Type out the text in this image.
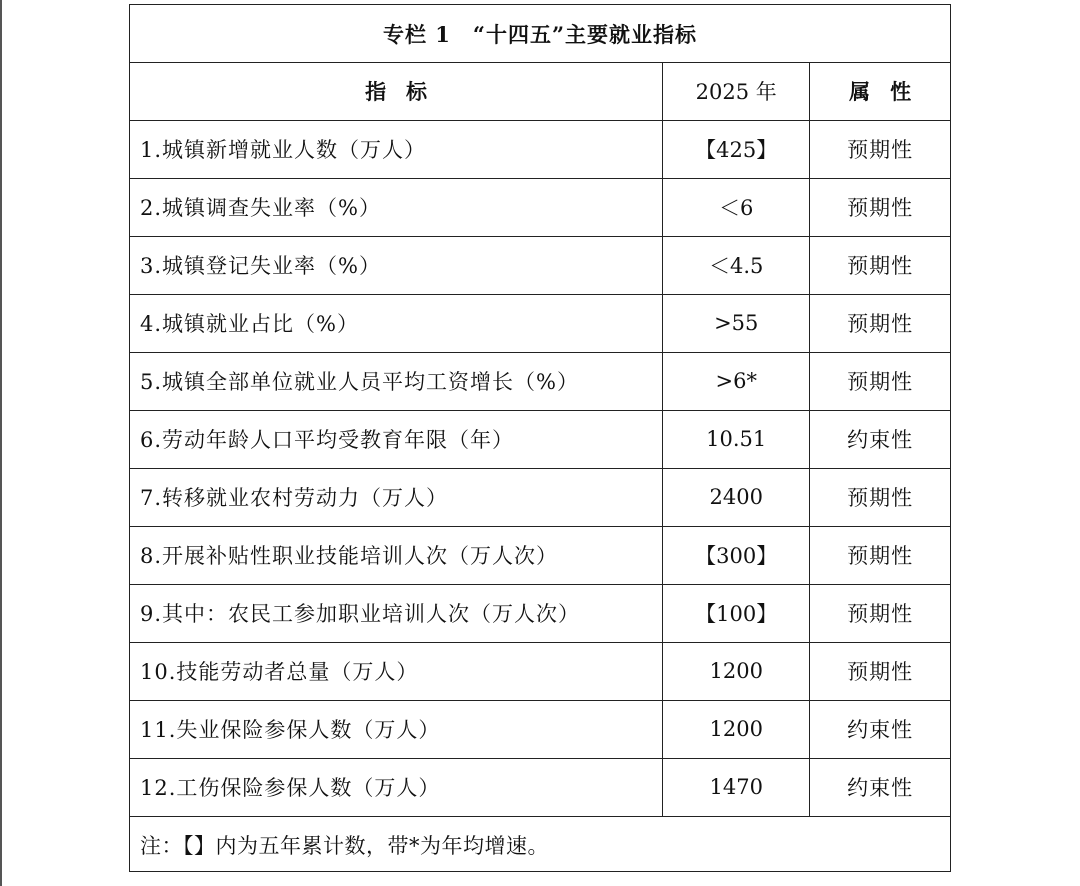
专栏 1　“十四五”主要就业指标
指标	2025 年	属性
1.城镇新增就业人数（万人）	【425】	预期性
2.城镇调查失业率（%）	＜6	预期性
3.城镇登记失业率（%）	＜4.5	预期性
4.城镇就业占比（%）	>55	预期性
5.城镇全部单位就业人员平均工资增长（%）	>6*	预期性
6.劳动年龄人口平均受教育年限（年）	10.51	约束性
7.转移就业农村劳动力（万人）	2400	预期性
8.开展补贴性职业技能培训人次（万人次）	【300】	预期性
9.其中：农民工参加职业培训人次（万人次）	【100】	预期性
10.技能劳动者总量（万人）	1200	预期性
11.失业保险参保人数（万人）	1200	约束性
12.工伤保险参保人数（万人）	1470	约束性
注：【】内为五年累计数，带*为年均增速。
